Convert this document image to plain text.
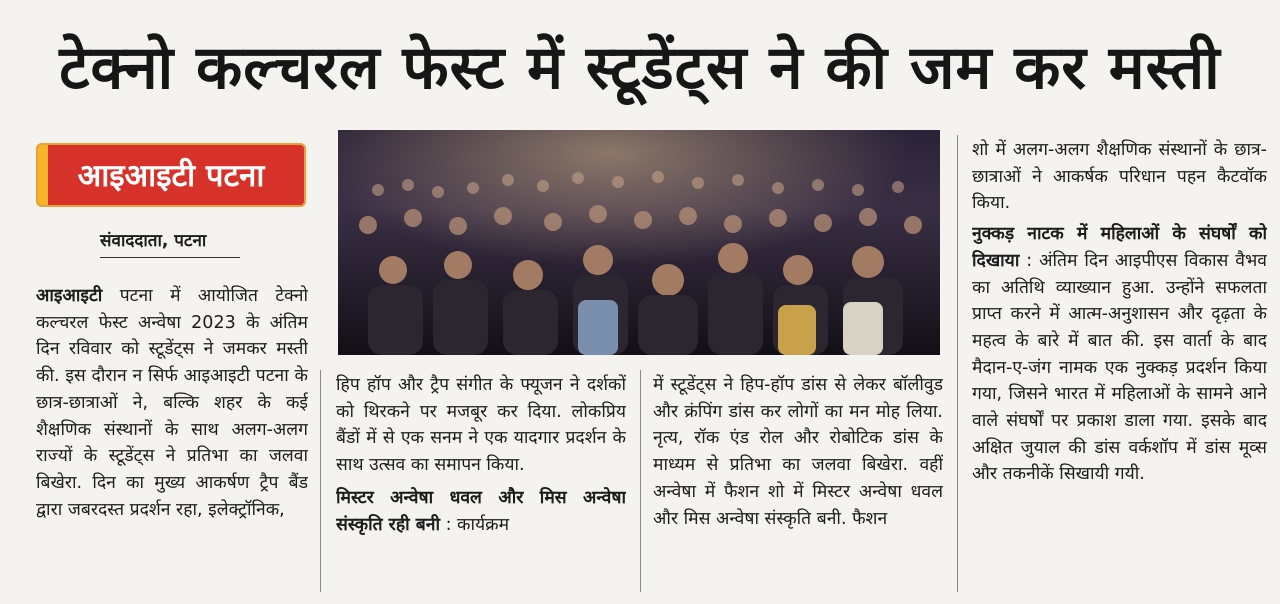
टेक्नो कल्चरल फेस्ट में स्टूडेंट्स ने की जम कर मस्ती
आइआइटी पटना
संवाददाता, पटना

आइआइटी पटना में आयोजित टेक्नो कल्चरल फेस्ट अन्वेषा 2023 के अंतिम दिन रविवार को स्टूडेंट्स ने जमकर मस्ती की. इस दौरान न सिर्फ आइआइटी पटना के छात्र-छात्राओं ने, बल्कि शहर के कई शैक्षणिक संस्थानों के साथ अलग-अलग राज्यों के स्टूडेंट्स ने प्रतिभा का जलवा बिखेरा. दिन का मुख्य आकर्षण ट्रैप बैंड द्वारा जबरदस्त प्रदर्शन रहा, इलेक्ट्रॉनिक,

हिप हॉप और ट्रैप संगीत के फ्यूजन ने दर्शकों को थिरकने पर मजबूर कर दिया. लोकप्रिय बैंडों में से एक सनम ने एक यादगार प्रदर्शन के साथ उत्सव का समापन किया.

मिस्टर अन्वेषा धवल और मिस अन्वेषा संस्कृति रही बनी : कार्यक्रम

में स्टूडेंट्स ने हिप-हॉप डांस से लेकर बॉलीवुड और क्रंपिंग डांस कर लोगों का मन मोह लिया. नृत्य, रॉक एंड रोल और रोबोटिक डांस के माध्यम से प्रतिभा का जलवा बिखेरा. वहीं अन्वेषा में फैशन शो में मिस्टर अन्वेषा धवल और मिस अन्वेषा संस्कृति बनी. फैशन

शो में अलग-अलग शैक्षणिक संस्थानों के छात्र-छात्राओं ने आकर्षक परिधान पहन कैटवॉक किया.

नुक्कड़ नाटक में महिलाओं के संघर्षों को दिखाया : अंतिम दिन आइपीएस विकास वैभव का अतिथि व्याख्यान हुआ. उन्होंने सफलता प्राप्त करने में आत्म-अनुशासन और दृढ़ता के महत्व के बारे में बात की. इस वार्ता के बाद मैदान-ए-जंग नामक एक नुक्कड़ प्रदर्शन किया गया, जिसने भारत में महिलाओं के सामने आने वाले संघर्षों पर प्रकाश डाला गया. इसके बाद अक्षित जुयाल की डांस वर्कशॉप में डांस मूव्स और तकनीकें सिखायी गयी.
